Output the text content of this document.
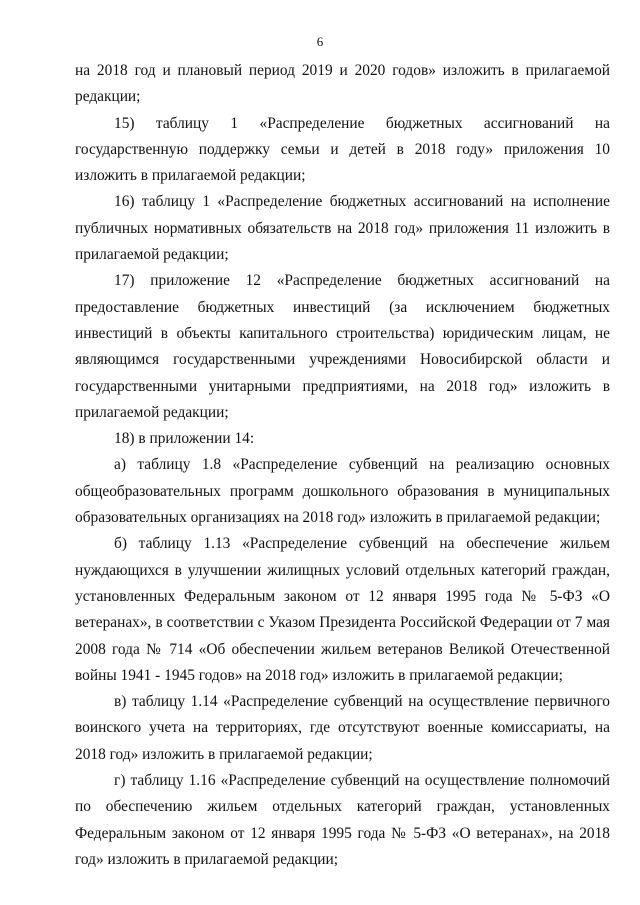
6

на 2018 год и плановый период 2019 и 2020 годов» изложить в прилагаемой редакции;

15) таблицу 1 «Распределение бюджетных ассигнований на государственную поддержку семьи и детей в 2018 году» приложения 10 изложить в прилагаемой редакции;

16) таблицу 1 «Распределение бюджетных ассигнований на исполнение публичных нормативных обязательств на 2018 год» приложения 11 изложить в прилагаемой редакции;

17) приложение 12 «Распределение бюджетных ассигнований на предоставление бюджетных инвестиций (за исключением бюджетных инвестиций в объекты капитального строительства) юридическим лицам, не являющимся государственными учреждениями Новосибирской области и государственными унитарными предприятиями, на 2018 год» изложить в прилагаемой редакции;

18) в приложении 14:

а) таблицу 1.8 «Распределение субвенций на реализацию основных общеобразовательных программ дошкольного образования в муниципальных образовательных организациях на 2018 год» изложить в прилагаемой редакции;

б) таблицу 1.13 «Распределение субвенций на обеспечение жильем нуждающихся в улучшении жилищных условий отдельных категорий граждан, установленных Федеральным законом от 12 января 1995 года № 5-ФЗ «О ветеранах», в соответствии с Указом Президента Российской Федерации от 7 мая 2008 года № 714 «Об обеспечении жильем ветеранов Великой Отечественной войны 1941 - 1945 годов» на 2018 год» изложить в прилагаемой редакции;

в) таблицу 1.14 «Распределение субвенций на осуществление первичного воинского учета на территориях, где отсутствуют военные комиссариаты, на 2018 год» изложить в прилагаемой редакции;

г) таблицу 1.16 «Распределение субвенций на осуществление полномочий по обеспечению жильем отдельных категорий граждан, установленных Федеральным законом от 12 января 1995 года № 5-ФЗ «О ветеранах», на 2018 год» изложить в прилагаемой редакции;
